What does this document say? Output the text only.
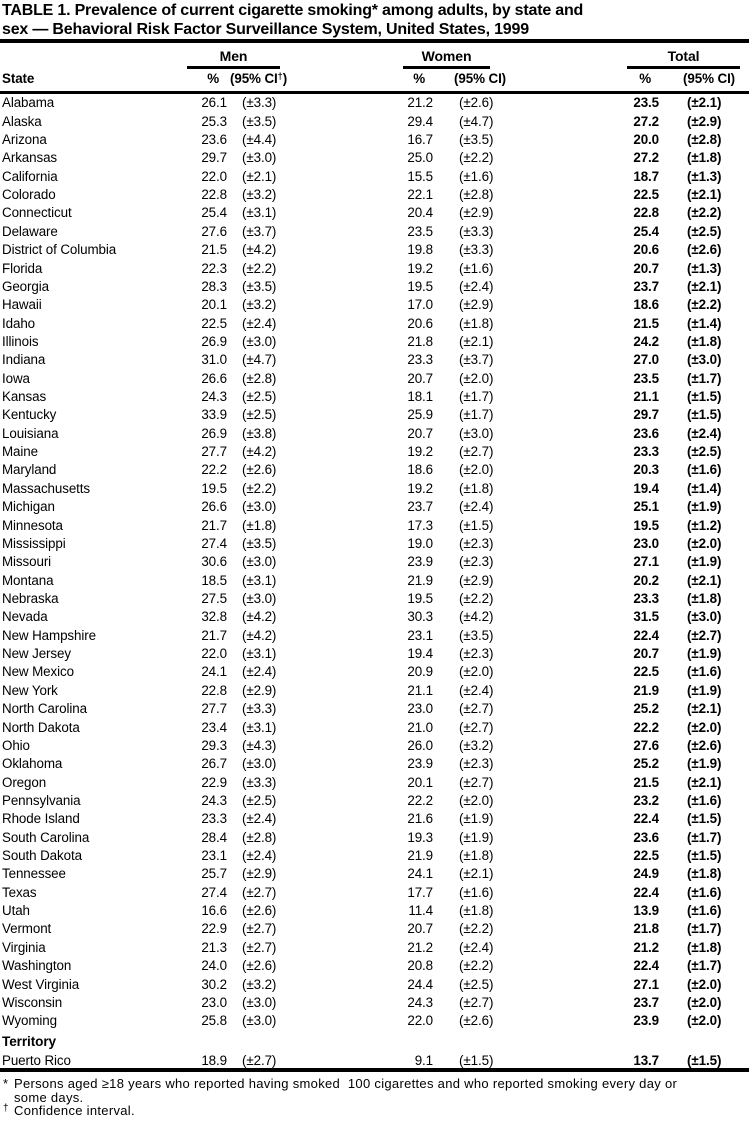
TABLE 1. Prevalence of current cigarette smoking* among adults, by state and
sex — Behavioral Risk Factor Surveillance System, United States, 1999

	Men			Women			Total	

State	%	(95% CI†)		%	(95% CI)		%	(95% CI)
Alabama	26.1	(±3.3)		21.2	(±2.6)		23.5	(±2.1)
Alaska	25.3	(±3.5)		29.4	(±4.7)		27.2	(±2.9)
Arizona	23.6	(±4.4)		16.7	(±3.5)		20.0	(±2.8)
Arkansas	29.7	(±3.0)		25.0	(±2.2)		27.2	(±1.8)
California	22.0	(±2.1)		15.5	(±1.6)		18.7	(±1.3)
Colorado	22.8	(±3.2)		22.1	(±2.8)		22.5	(±2.1)
Connecticut	25.4	(±3.1)		20.4	(±2.9)		22.8	(±2.2)
Delaware	27.6	(±3.7)		23.5	(±3.3)		25.4	(±2.5)
District of Columbia	21.5	(±4.2)		19.8	(±3.3)		20.6	(±2.6)
Florida	22.3	(±2.2)		19.2	(±1.6)		20.7	(±1.3)
Georgia	28.3	(±3.5)		19.5	(±2.4)		23.7	(±2.1)
Hawaii	20.1	(±3.2)		17.0	(±2.9)		18.6	(±2.2)
Idaho	22.5	(±2.4)		20.6	(±1.8)		21.5	(±1.4)
Illinois	26.9	(±3.0)		21.8	(±2.1)		24.2	(±1.8)
Indiana	31.0	(±4.7)		23.3	(±3.7)		27.0	(±3.0)
Iowa	26.6	(±2.8)		20.7	(±2.0)		23.5	(±1.7)
Kansas	24.3	(±2.5)		18.1	(±1.7)		21.1	(±1.5)
Kentucky	33.9	(±2.5)		25.9	(±1.7)		29.7	(±1.5)
Louisiana	26.9	(±3.8)		20.7	(±3.0)		23.6	(±2.4)
Maine	27.7	(±4.2)		19.2	(±2.7)		23.3	(±2.5)
Maryland	22.2	(±2.6)		18.6	(±2.0)		20.3	(±1.6)
Massachusetts	19.5	(±2.2)		19.2	(±1.8)		19.4	(±1.4)
Michigan	26.6	(±3.0)		23.7	(±2.4)		25.1	(±1.9)
Minnesota	21.7	(±1.8)		17.3	(±1.5)		19.5	(±1.2)
Mississippi	27.4	(±3.5)		19.0	(±2.3)		23.0	(±2.0)
Missouri	30.6	(±3.0)		23.9	(±2.3)		27.1	(±1.9)
Montana	18.5	(±3.1)		21.9	(±2.9)		20.2	(±2.1)
Nebraska	27.5	(±3.0)		19.5	(±2.2)		23.3	(±1.8)
Nevada	32.8	(±4.2)		30.3	(±4.2)		31.5	(±3.0)
New Hampshire	21.7	(±4.2)		23.1	(±3.5)		22.4	(±2.7)
New Jersey	22.0	(±3.1)		19.4	(±2.3)		20.7	(±1.9)
New Mexico	24.1	(±2.4)		20.9	(±2.0)		22.5	(±1.6)
New York	22.8	(±2.9)		21.1	(±2.4)		21.9	(±1.9)
North Carolina	27.7	(±3.3)		23.0	(±2.7)		25.2	(±2.1)
North Dakota	23.4	(±3.1)		21.0	(±2.7)		22.2	(±2.0)
Ohio	29.3	(±4.3)		26.0	(±3.2)		27.6	(±2.6)
Oklahoma	26.7	(±3.0)		23.9	(±2.3)		25.2	(±1.9)
Oregon	22.9	(±3.3)		20.1	(±2.7)		21.5	(±2.1)
Pennsylvania	24.3	(±2.5)		22.2	(±2.0)		23.2	(±1.6)
Rhode Island	23.3	(±2.4)		21.6	(±1.9)		22.4	(±1.5)
South Carolina	28.4	(±2.8)		19.3	(±1.9)		23.6	(±1.7)
South Dakota	23.1	(±2.4)		21.9	(±1.8)		22.5	(±1.5)
Tennessee	25.7	(±2.9)		24.1	(±2.1)		24.9	(±1.8)
Texas	27.4	(±2.7)		17.7	(±1.6)		22.4	(±1.6)
Utah	16.6	(±2.6)		11.4	(±1.8)		13.9	(±1.6)
Vermont	22.9	(±2.7)		20.7	(±2.2)		21.8	(±1.7)
Virginia	21.3	(±2.7)		21.2	(±2.4)		21.2	(±1.8)
Washington	24.0	(±2.6)		20.8	(±2.2)		22.4	(±1.7)
West Virginia	30.2	(±3.2)		24.4	(±2.5)		27.1	(±2.0)
Wisconsin	23.0	(±3.0)		24.3	(±2.7)		23.7	(±2.0)
Wyoming	25.8	(±3.0)		22.0	(±2.6)		23.9	(±2.0)
Territory								
Puerto Rico	18.9	(±2.7)		9.1	(±1.5)		13.7	(±1.5)
* Persons aged ≥18 years who reported having smoked  100 cigarettes and who reported smoking every day or
some days.
† Confidence interval.
